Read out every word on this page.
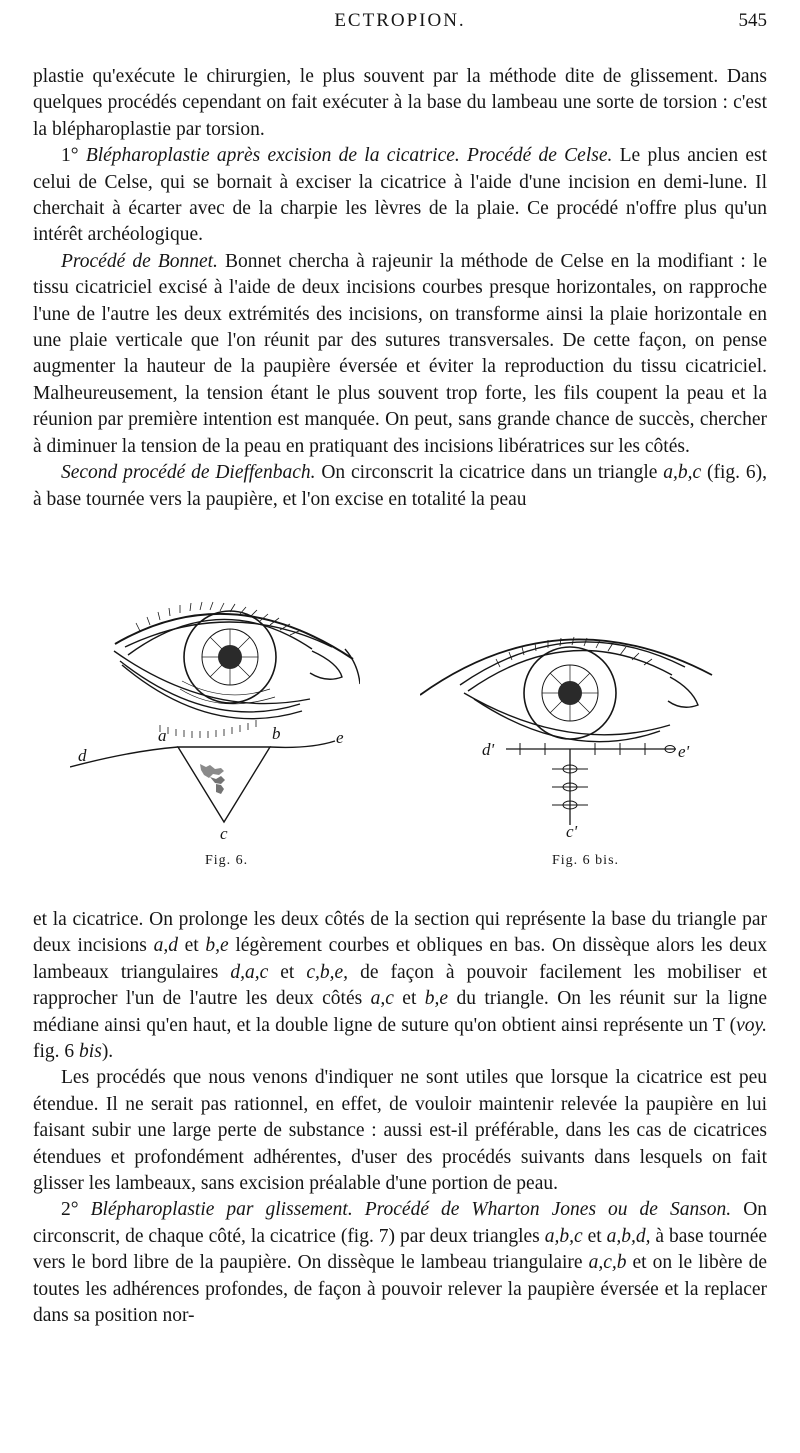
ECTROPION.	545

plastie qu'exécute le chirurgien, le plus souvent par la méthode dite de glissement. Dans quelques procédés cependant on fait exécuter à la base du lambeau une sorte de torsion : c'est la blépharoplastie par torsion.

1° Blépharoplastie après excision de la cicatrice. Procédé de Celse. Le plus ancien est celui de Celse, qui se bornait à exciser la cicatrice à l'aide d'une incision en demi-lune. Il cherchait à écarter avec de la charpie les lèvres de la plaie. Ce procédé n'offre plus qu'un intérêt archéologique.

Procédé de Bonnet. Bonnet chercha à rajeunir la méthode de Celse en la modifiant : le tissu cicatriciel excisé à l'aide de deux incisions courbes presque horizontales, on rapproche l'une de l'autre les deux extrémités des incisions, on transforme ainsi la plaie horizontale en une plaie verticale que l'on réunit par des sutures transversales. De cette façon, on pense augmenter la hauteur de la paupière éversée et éviter la reproduction du tissu cicatriciel. Malheureusement, la tension étant le plus souvent trop forte, les fils coupent la peau et la réunion par première intention est manquée. On peut, sans grande chance de succès, chercher à diminuer la tension de la peau en pratiquant des incisions libératrices sur les côtés.

Second procédé de Dieffenbach. On circonscrit la cicatrice dans un triangle a,b,c (fig. 6), à base tournée vers la paupière, et l'on excise en totalité la peau

a	b
c
d
e
d'	e'
c'
Fig. 6.	Fig. 6 bis.

et la cicatrice. On prolonge les deux côtés de la section qui représente la base du triangle par deux incisions a,d et b,e légèrement courbes et obliques en bas. On dissèque alors les deux lambeaux triangulaires d,a,c et c,b,e, de façon à pouvoir facilement les mobiliser et rapprocher l'un de l'autre les deux côtés a,c et b,e du triangle. On les réunit sur la ligne médiane ainsi qu'en haut, et la double ligne de suture qu'on obtient ainsi représente un T (voy. fig. 6 bis).

Les procédés que nous venons d'indiquer ne sont utiles que lorsque la cicatrice est peu étendue. Il ne serait pas rationnel, en effet, de vouloir maintenir relevée la paupière en lui faisant subir une large perte de substance : aussi est-il préférable, dans les cas de cicatrices étendues et profondément adhérentes, d'user des procédés suivants dans lesquels on fait glisser les lambeaux, sans excision préalable d'une portion de peau.

2° Blépharoplastie par glissement. Procédé de Wharton Jones ou de Sanson. On circonscrit, de chaque côté, la cicatrice (fig. 7) par deux triangles a,b,c et a,b,d, à base tournée vers le bord libre de la paupière. On dissèque le lambeau triangulaire a,c,b et on le libère de toutes les adhérences profondes, de façon à pouvoir relever la paupière éversée et la replacer dans sa position nor-
